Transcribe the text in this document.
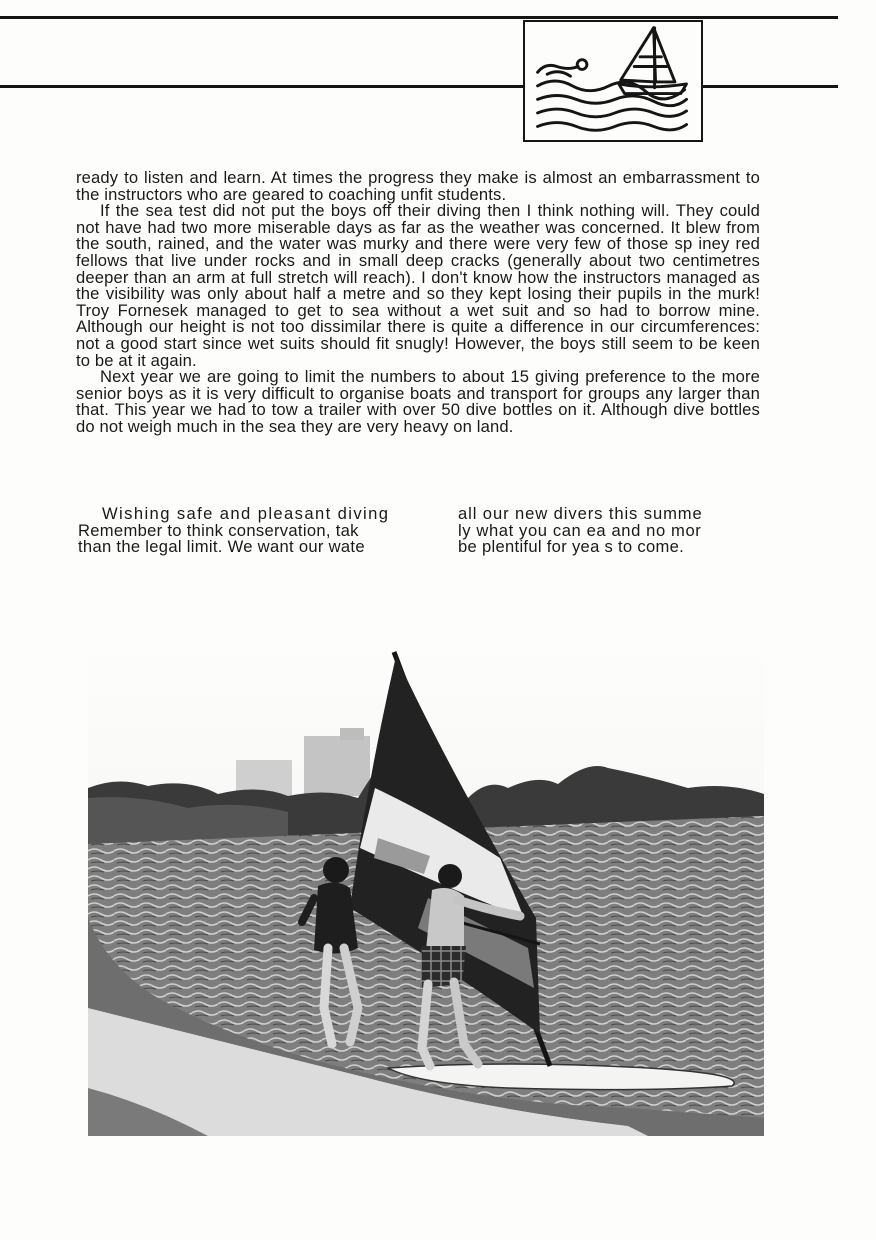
ready to listen and learn. At times the progress they make is almost an embarrassment to the instructors who are geared to coaching unfit students.

If the sea test did not put the boys off their diving then I think nothing will. They could not have had two more miserable days as far as the weather was concerned. It blew from the south, rained, and the water was murky and there were very few of those sp iney red fellows that live under rocks and in small deep cracks (generally about two centimetres deeper than an arm at full stretch will reach). I don't know how the instructors managed as the visibility was only about half a metre and so they kept losing their pupils in the murk! Troy Fornesek managed to get to sea without a wet suit and so had to borrow mine. Although our height is not too dissimilar there is quite a difference in our circumferences: not a good start since wet suits should fit snugly! However, the boys still seem to be keen to be at it again.

Next year we are going to limit the numbers to about 15 giving preference to the more senior boys as it is very difficult to organise boats and transport for groups any larger than that. This year we had to tow a trailer with over 50 dive bottles on it. Although dive bottles do not weigh much in the sea they are very heavy on land.

Wishing safe and pleasant diving
Remember to think conservation, tak
than the legal limit. We want our wate
all our new divers this summe
ly what you can ea and no mor
be plentiful for yea s to come.
